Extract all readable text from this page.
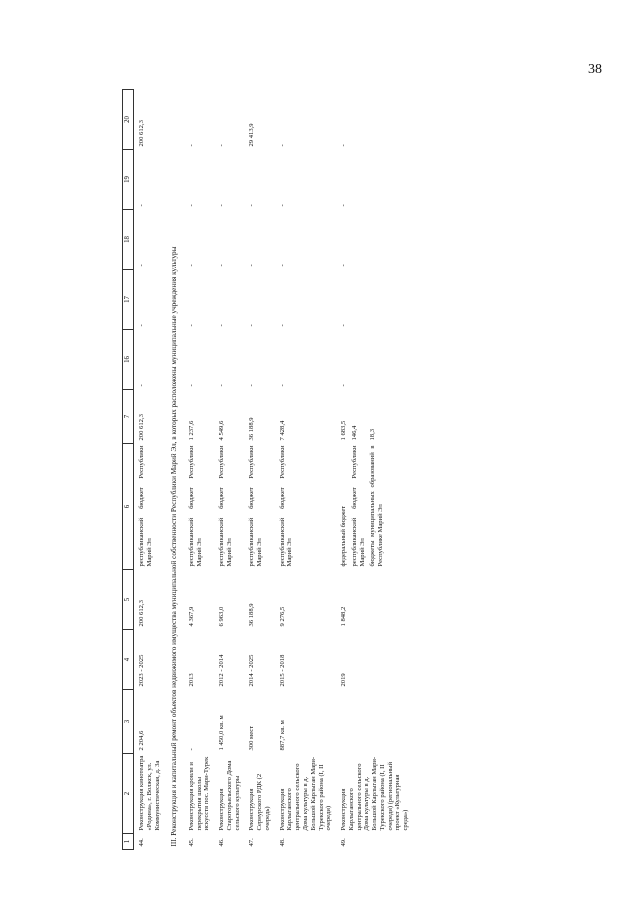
38
1	2	3	4	5	6	7	16	17	18	19	20
44.	Реконструкция кинотеатра «Родина», г. Волжск, ул. Коммунистическая, д. 3а	2 204,6	2023 - 2025	200 612,3	республиканский бюджет Республики Марий Эл	200 612,3	-	-	-	-	200 612,3
III. Реконструкция и капитальный ремонт объектов недвижимого имущества муниципальной собственности Республики Марий Эл, в которых расположены муниципальные учреждения культуры											
45.	Реконструкция кровли и перекрытия школы искусств пос. Мари-Турек	-	2013	4 367,9	республиканский бюджет Республики Марий Эл	1 237,6	-	-	-	-	-
46.	Реконструкция Старотoрьяльского Дома сельского культуры	1 450,0 кв. м	2012 - 2014	6 963,0	республиканский бюджет Республики Марий Эл	4 549,6	-	-	-	-	-
47.	Реконструкция Сернурского РДК (2 очередь)	300 мест	2014 - 2025	36 188,9	республиканский бюджет Республики Марий Эл	36 188,9	-	-	-	-	29 413,9
48.	Реконструкция Карлыганского центрального сельского Дома культуры в д. Большой Карлыган Мари-Турекского района (I, II очереди)	887,7 кв. м	2015 - 2018	9 276,5	республиканский бюджет Республики Марий Эл	7 428,4	-	-	-	-	-
49.	Реконструкция Карлыганского центрального сельского Дома культуры в д. Большой Карлыган Мари-Турекского района (I, II очереди) (региональный проект «Культурная среда»)		2019	1 848,2	федеральный бюджет республиканский бюджет Республики Марий Эл бюджеты муниципальных образований в Республике Марий Эл	1 683,5 146,4 18,3	-	-	-	-	-
